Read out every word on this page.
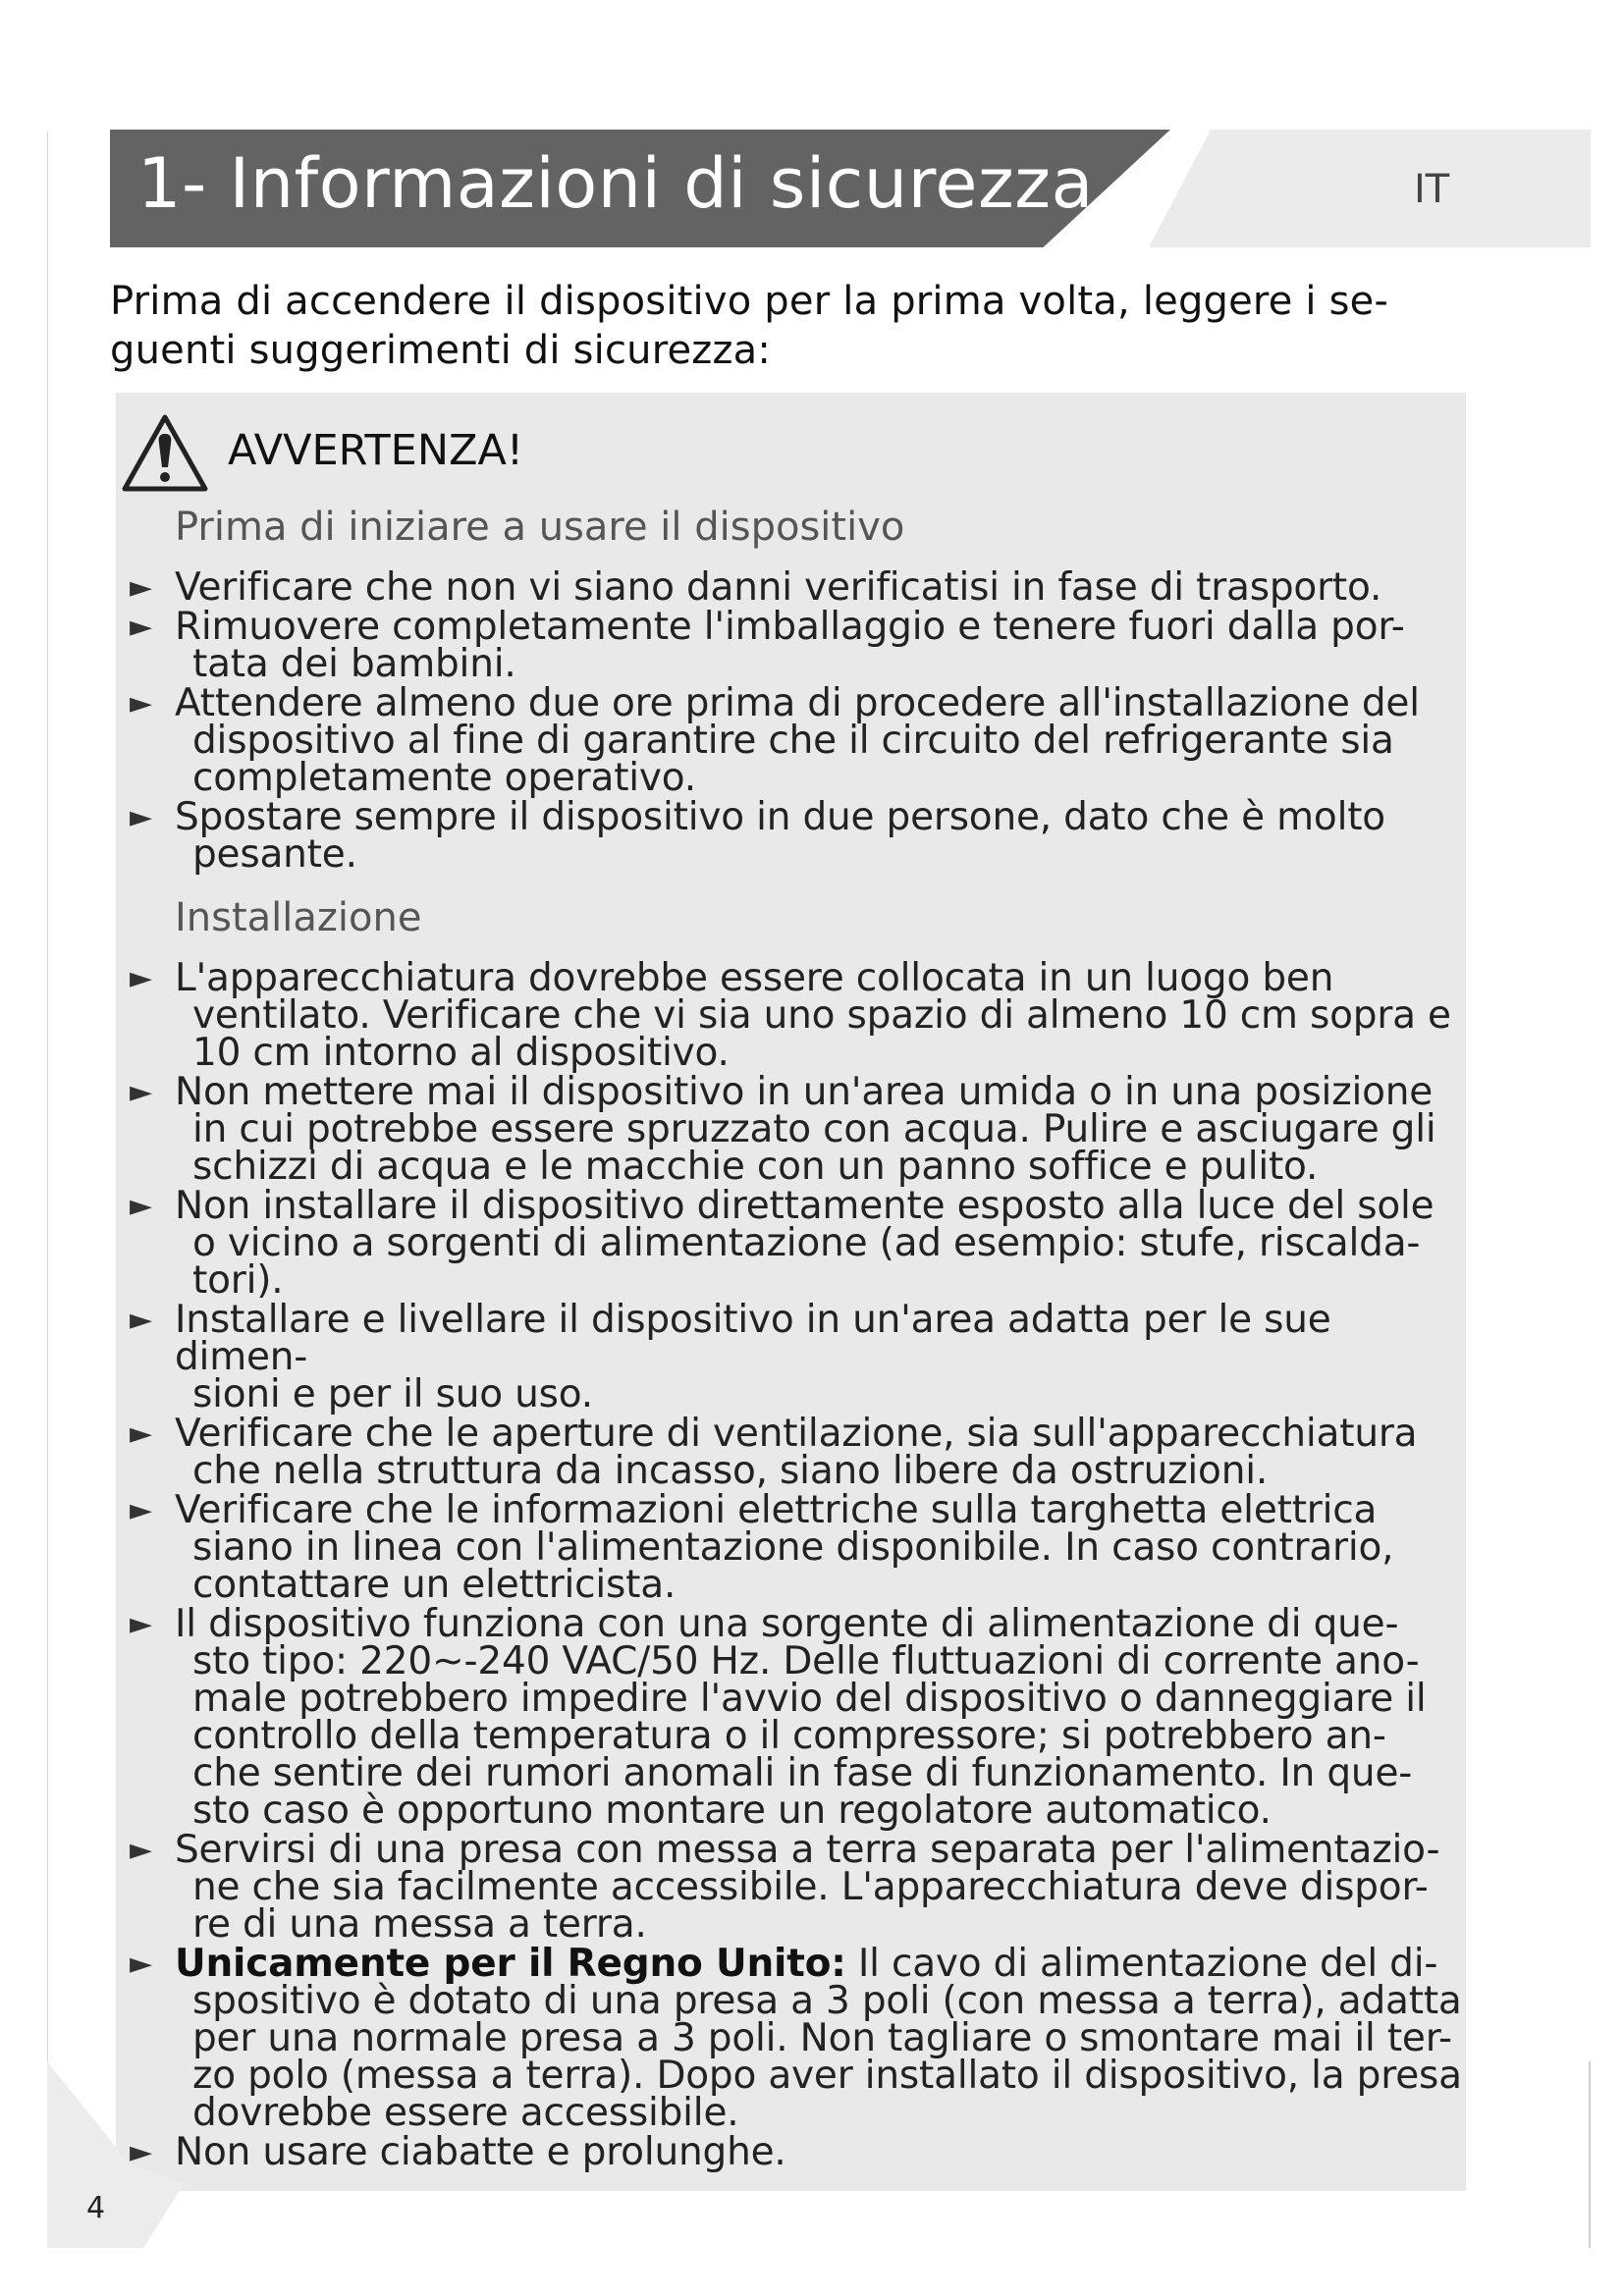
1- Informazioni di sicurezza	IT
Prima di accendere il dispositivo per la prima volta, leggere i se-
guenti suggerimenti di sicurezza:
AVVERTENZA!
Prima di iniziare a usare il dispositivo
Installazione
► Verificare che non vi siano danni verificatisi in fase di trasporto.
► Rimuovere completamente l'imballaggio e tenere fuori dalla por-
tata dei bambini.
► Attendere almeno due ore prima di procedere all'installazione del
dispositivo al fine di garantire che il circuito del refrigerante sia
completamente operativo.
► Spostare sempre il dispositivo in due persone, dato che è molto
pesante.
► L'apparecchiatura dovrebbe essere collocata in un luogo ben
ventilato. Verificare che vi sia uno spazio di almeno 10 cm sopra e
10 cm intorno al dispositivo.
► Non mettere mai il dispositivo in un'area umida o in una posizione
in cui potrebbe essere spruzzato con acqua. Pulire e asciugare gli
schizzi di acqua e le macchie con un panno soffice e pulito.
► Non installare il dispositivo direttamente esposto alla luce del sole
o vicino a sorgenti di alimentazione (ad esempio: stufe, riscalda-
tori).
► Installare e livellare il dispositivo in un'area adatta per le sue dimen-
sioni e per il suo uso.
► Verificare che le aperture di ventilazione, sia sull'apparecchiatura
che nella struttura da incasso, siano libere da ostruzioni.
► Verificare che le informazioni elettriche sulla targhetta elettrica
siano in linea con l'alimentazione disponibile. In caso contrario,
contattare un elettricista.
► Il dispositivo funziona con una sorgente di alimentazione di que-
sto tipo: 220~-240 VAC/50 Hz. Delle fluttuazioni di corrente ano-
male potrebbero impedire l'avvio del dispositivo o danneggiare il
controllo della temperatura o il compressore; si potrebbero an-
che sentire dei rumori anomali in fase di funzionamento. In que-
sto caso è opportuno montare un regolatore automatico.
► Servirsi di una presa con messa a terra separata per l'alimentazio-
ne che sia facilmente accessibile. L'apparecchiatura deve dispor-
re di una messa a terra.
► Unicamente per il Regno Unito: Il cavo di alimentazione del di-
spositivo è dotato di una presa a 3 poli (con messa a terra), adatta
per una normale presa a 3 poli. Non tagliare o smontare mai il ter-
zo polo (messa a terra). Dopo aver installato il dispositivo, la presa
dovrebbe essere accessibile.
► Non usare ciabatte e prolunghe.
4
